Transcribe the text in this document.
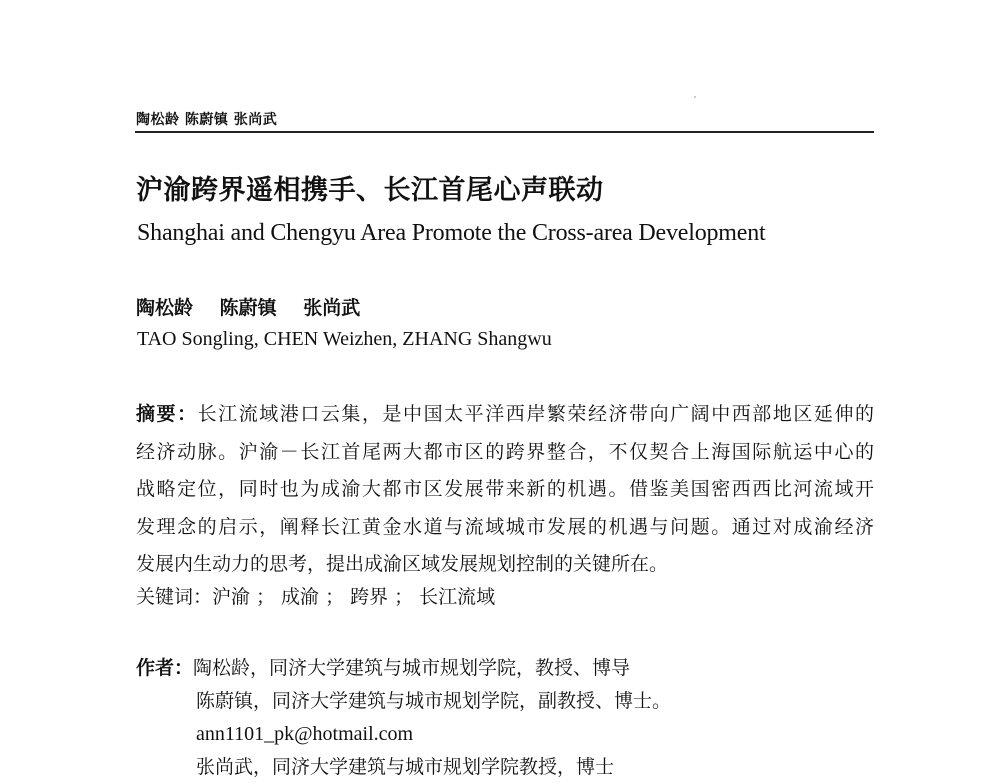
陶松龄 陈蔚镇 张尚武
沪渝跨界遥相携手、长江首尾心声联动
Shanghai and Chengyu Area Promote the Cross-area Development
陶松龄 陈蔚镇 张尚武
TAO Songling, CHEN Weizhen, ZHANG Shangwu
摘要：长江流域港口云集，是中国太平洋西岸繁荣经济带向广阔中西部地区延伸的
经济动脉。沪渝－长江首尾两大都市区的跨界整合，不仅契合上海国际航运中心的
战略定位，同时也为成渝大都市区发展带来新的机遇。借鉴美国密西西比河流域开
发理念的启示，阐释长江黄金水道与流域城市发展的机遇与问题。通过对成渝经济
发展内生动力的思考，提出成渝区域发展规划控制的关键所在。
关键词：沪渝 ； 成渝 ； 跨界 ； 长江流域
作者：陶松龄，同济大学建筑与城市规划学院，教授、博导
陈蔚镇，同济大学建筑与城市规划学院，副教授、博士。
ann1101_pk@hotmail.com
张尚武，同济大学建筑与城市规划学院教授，博士
